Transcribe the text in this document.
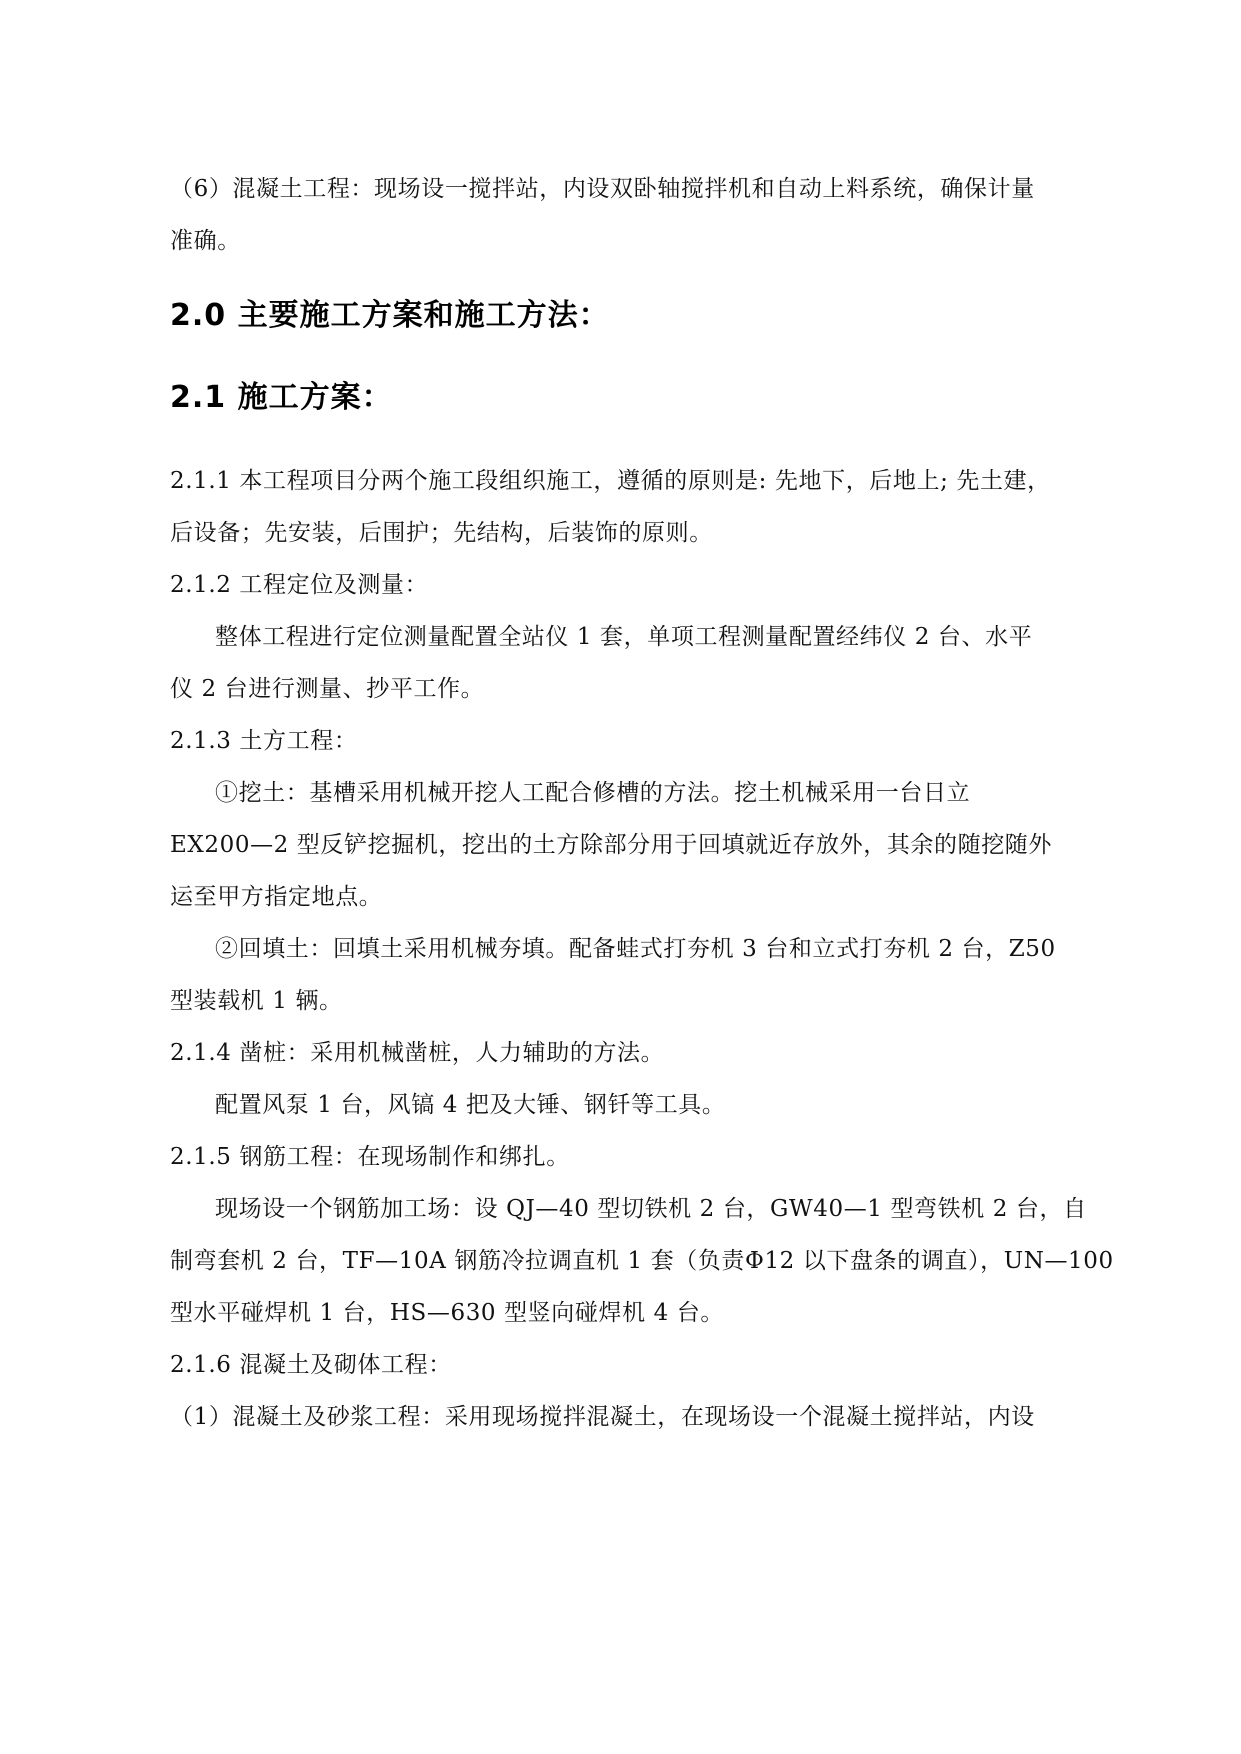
（6）混凝土工程：现场设一搅拌站，内设双卧轴搅拌机和自动上料系统，确保计量
准确。
2.0 主要施工方案和施工方法：
2.1 施工方案：
2.1.1 本工程项目分两个施工段组织施工，遵循的原则是: 先地下，后地上; 先土建，
后设备；先安装，后围护；先结构，后装饰的原则。
2.1.2 工程定位及测量：
整体工程进行定位测量配置全站仪 1 套，单项工程测量配置经纬仪 2 台、水平
仪 2 台进行测量、抄平工作。
2.1.3 土方工程：
①挖土：基槽采用机械开挖人工配合修槽的方法。挖土机械采用一台日立
EX200—2 型反铲挖掘机，挖出的土方除部分用于回填就近存放外，其余的随挖随外
运至甲方指定地点。
②回填土：回填土采用机械夯填。配备蛙式打夯机 3 台和立式打夯机 2 台，Z50
型装载机 1 辆。
2.1.4 凿桩：采用机械凿桩，人力辅助的方法。
配置风泵 1 台，风镐 4 把及大锤、钢钎等工具。
2.1.5 钢筋工程：在现场制作和绑扎。
现场设一个钢筋加工场：设 QJ—40 型切铁机 2 台，GW40—1 型弯铁机 2 台，自
制弯套机 2 台，TF—10A 钢筋冷拉调直机 1 套（负责Φ12 以下盘条的调直），UN—100
型水平碰焊机 1 台，HS—630 型竖向碰焊机 4 台。
2.1.6 混凝土及砌体工程：
（1）混凝土及砂浆工程：采用现场搅拌混凝土，在现场设一个混凝土搅拌站，内设
